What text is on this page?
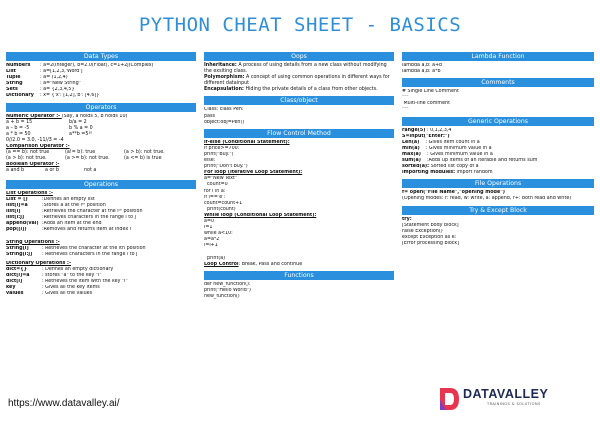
PYTHON CHEAT SHEET - BASICS
Data Types
Numbers	: a=2(Integer), b=2.0(Float), c=1+2j(Complex)
List	: a=[1,2,3,'Word']
Tuple	: a= (1,2,4)
String	: a="New String"
Sets	: a= {2,3,4,5}
Dictionary	: x= {'x': [1,2],'b': [4,6]}
Operators
Numeric Operator :- (Say, a holds 5, b holds 10)
a + b = 15	b/a = 2
a – b = -5	b % a = 0
a * b = 50	a**b =5¹⁰
0//2.0 = 3.0, -11//3 = -4	
Comparison Operator :-
(a == b): not true	(a!= b): true	(a > b): not true.
(a > b): not true.	(a >= b): not true.	(a <= b) is true
Boolean Operator :-
a and b	a or b	not a
Operations
List Operations :-
List = []	:Defines an empty list
list[i]=a	:Stores a at the iᵗʰ position
list[i]	:Retrieves the character at the iᵗʰ position
list[i:j]	:Retrieves characters in the range i to j
append(val) :Adds an item at the end
pop([i])	:Removes and returns item at index i
String Operations :-
String[i]	: Retrieves the character at the ith position
String[i:j]	: Retrieves characters in the range i to j
Dictionary Operations :-
dict={}	: Defines an empty dictionary
dict[i]=a	: stores "a" to the key "i"
dict[i]	: Retrieves the item with the key "i"
key	: Gives all the key items
values	: Gives all the values
Oops
Inheritance: A process of using details from a new class without modifying the exsiting class.
Polymorphism: A concept of using common operations in different ways for different datainput
Encapsulation: Hiding the private details of a class from other objects.
Class/object
Class: class Pen:
pass
object:obj=Pen()
Flow Control Method
if-else (Conditional Statement):
if price>=700:
print("Buy.")
else:
print("Don't buy.")
For loop (Iterative Loop Statement):
a="New Text"
count=0
for i in a:
if i=='e':
count=count+1
print(count)
While loop (Conditional Loop Statement):
a=0
i=1
while a<10:
a=a*2
i=i+1
print(a)
Loop Control: Break, Pass and continue
Functions
def new_function():
print("Hello World")
new_function()
Lambda Function
lambda a,b: a+b
lambda a,b: a*b
Comments
# Single Line Comment
"""
Multi-line comment
"""
Generic Operations
range(5) : 0,1,2,3,4
S=input("Enter:")
Len(a) : Gives item count in a
min(a) : Gives minimum value in a
max(a) : Gives minimum value in a
sum(a) :Adds up items of an iterable and returns sum
sorted(a): Sorted list copy of a
importing modules: import random
File Operations
f= open("File Name","opening mode")
(Opening modes: r: read, w: write, a: append, r+: both read and write)
Try & Except Block
try:
[Statement body block]
raise Exception()
except Exception as e:
[Error processing block]
https://www.datavalley.ai/
DATAVALLEY
TRAININGS & SOLUTIONS
